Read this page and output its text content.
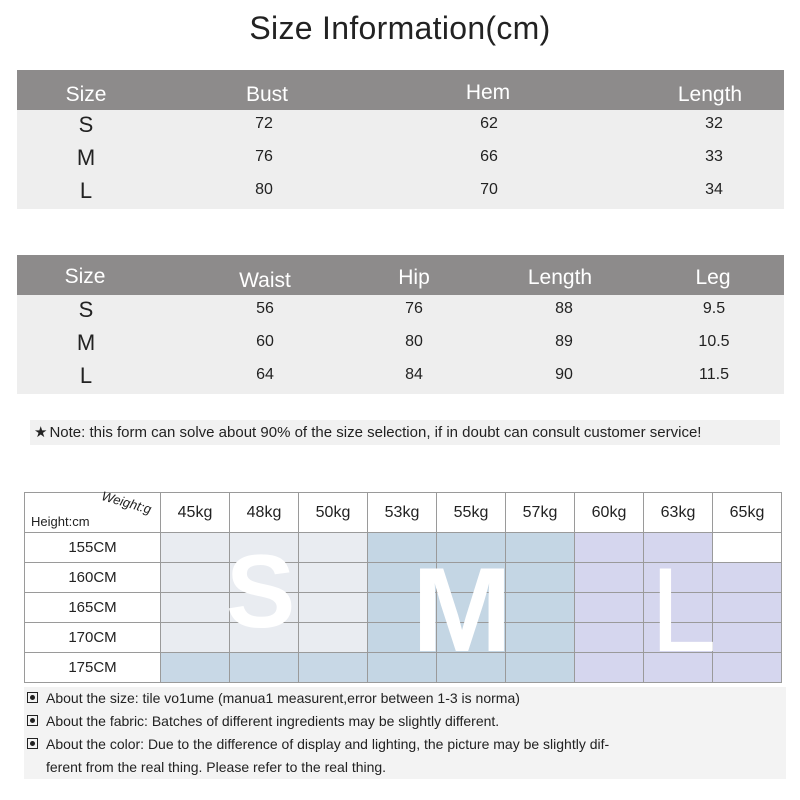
Size Information(cm)
Size	Bust	Hem	Length
S	72	62	32
M	76	66	33
L	80	70	34
Size	Waist	Hip	Length	Leg
S	56	76	88	9.5
M	60	80	89	10.5
L	64	84	90	11.5
★ Note: this form can solve about 90% of the size selection, if in doubt can consult customer service!
Weight:g
Height:cm	45kg	48kg	50kg	53kg	55kg	57kg	60kg	63kg	65kg
155CM									
160CM									
165CM									
170CM									
175CM									
S M L
About the size: tile vo1ume (manua1 measurent,error between 1-3 is norma)
About the fabric: Batches of different ingredients may be slightly different.
About the color: Due to the difference of display and lighting, the picture may be slightly dif-
ferent from the real thing. Please refer to the real thing.
